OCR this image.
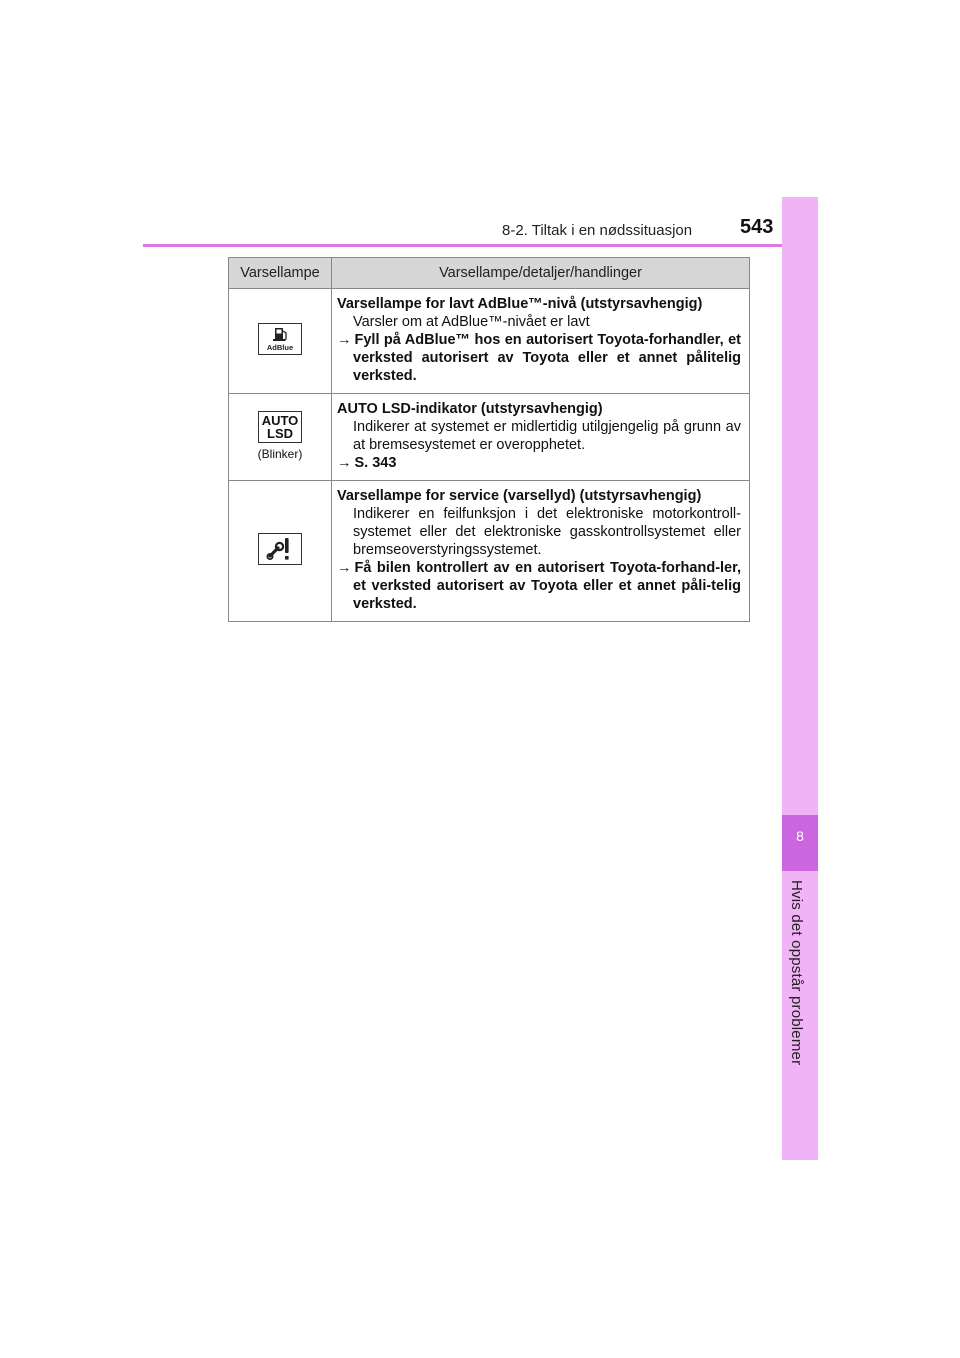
8-2. Tiltak i en nødssituasjon 543
8
Hvis det oppstår problemer
Varsellampe	Varsellampe/detaljer/handlinger

AdBlue	Varsellampe for lavt AdBlue™-nivå (utstyrsavhengig)
Varsler om at AdBlue™-nivået er lavt
→ Fyll på AdBlue™ hos en autorisert Toyota-forhandler, et verksted autorisert av Toyota eller et annet pålitelig verksted.

AUTO
LSD
(Blinker)	AUTO LSD-indikator (utstyrsavhengig)
Indikerer at systemet er midlertidig utilgjengelig på grunn av at bremsesystemet er overopphetet.
→ S. 343

Varsellampe for service (varsellyd) (utstyrsavhengig)
Indikerer en feilfunksjon i det elektroniske motorkontroll-systemet eller det elektroniske gasskontrollsystemet eller bremseoverstyringssystemet.
→ Få bilen kontrollert av en autorisert Toyota-forhand-ler, et verksted autorisert av Toyota eller et annet påli-telig verksted.
